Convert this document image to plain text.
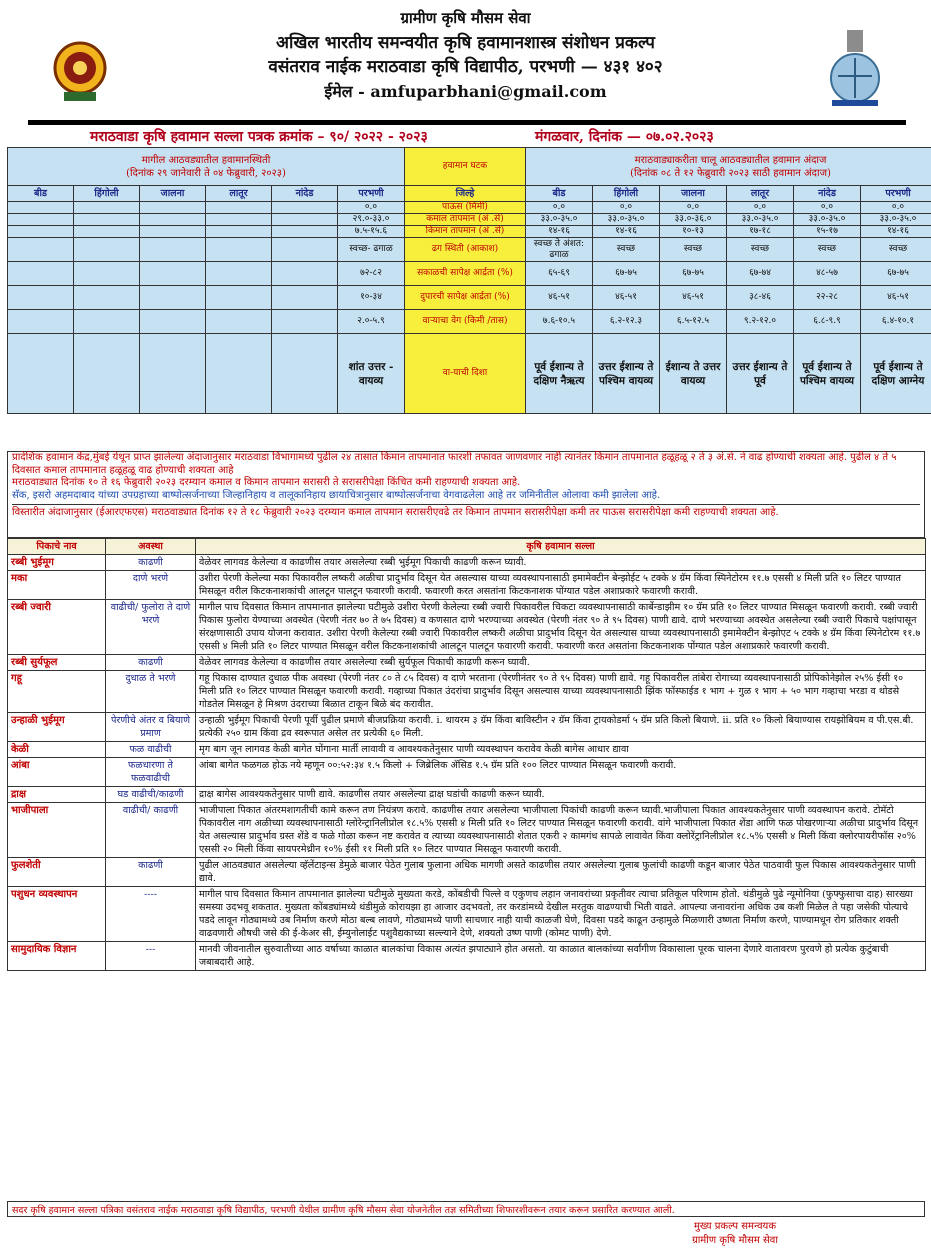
ग्रामीण कृषि मौसम सेवा
अखिल भारतीय समन्वयीत कृषि हवामानशास्त्र संशोधन प्रकल्प
वसंतराव नाईक मराठवाडा कृषि विद्यापीठ, परभणी — ४३१ ४०२
ईमेल - amfuparbhani@gmail.com
मराठवाडा कृषि हवामान सल्ला पत्रक क्रमांक – ९०/ २०२२ - २०२३	मंगळवार, दिनांक — ०७.०२.२०२३
मागील आठवड्यातील हवामानस्थिती
(दिनांक २९ जानेवारी ते ०४ फेब्रुवारी, २०२३)						हवामान घटक	मराठवाड्याकरीता चालू आठवड्यातील हवामान अंदाज
(दिनांक ०८ ते १२ फेब्रुवारी २०२३ साठी हवामान अंदाज)					
बीड	हिंगोली	जालना	लातूर	नांदेड	परभणी	जिल्हे	बीड	हिंगोली	जालना	लातूर	नांदेड	परभणी
					०.०	पाऊस (मिमी)	०.०	०.०	०.०	०.०	०.०	०.०
					२९.०-३३.०	कमाल तापमान (अं .से)	३३.०-३५.०	३३.०-३५.०	३३.०-३६.०	३३.०-३५.०	३३.०-३५.०	३३.०-३५.०
					७.५-१५.६	किमान तापमान (अं .से)	१४-१६	१४-१६	१०-१३	१७-१८	१५-१७	१४-१६
					स्वच्छ- ढगाळ	ढग स्थिती (आकाश)	स्वच्छ ते अंशत: ढगाळ	स्वच्छ	स्वच्छ	स्वच्छ	स्वच्छ	स्वच्छ
					७२-८२	सकाळची सापेक्ष आर्द्रता (%)	६५-६९	६७-७५	६७-७५	६७-७४	४८-५७	६७-७५
					१०-३४	दुपारची सापेक्ष आर्द्रता (%)	४६-५१	४६-५१	४६-५१	३८-४६	२२-२८	४६-५१
					२.०-५.९	वाऱ्याचा वेग (किमी /तास)	७.६-१०.५	६.२-१२.३	६.५-१२.५	९.२-१२.०	६.८-९.९	६.४-१०.१
					शांत उत्तर - वायव्य	वा-याची दिशा	पूर्व ईशान्य ते दक्षिण नैऋत्य	उत्तर ईशान्य ते पश्चिम वायव्य	ईशान्य ते उत्तर वायव्य	उत्तर ईशान्य ते पूर्व	पूर्व ईशान्य ते पश्चिम वायव्य	पूर्व ईशान्य ते दक्षिण आग्नेय

प्रादेशिक हवामान केंद्र,मुंबई येथून प्राप्त झालेल्या अंदाजानुसार मराठवाडा विभागामध्ये पुढील २४ तासात किमान तापमानात फारशी तफावत जाणवणार नाही त्यानंतर किमान तापमानात हळूहळू २ ते ३ अं.से. ने वाढ होण्याची शक्यता आहे. पुढील ४ ते ५ दिवसात कमाल तापमानात हळूहळू वाढ होण्याची शक्यता आहे

मराठवाड्यात दिनांक १० ते १६ फेब्रुवारी २०२३ दरम्यान कमाल व किमान तापमान सरासरी ते सरासरीपेक्षा किंचित कमी राहण्याची शक्यता आहे.

सॅक, इसरो अहमदाबाद यांच्या उपग्रहाच्या बाष्पोत्सर्जनाच्या जिल्हानिहाय व तालूकानिहाय छायाचित्रानुसार बाष्पोत्सर्जनाचा वेगवाढलेला आहे तर जमिनीतील ओलावा कमी झालेला आहे.

विस्तारीत अंदाजानुसार (ईआरएफएस) मराठवाड्यात दिनांक १२ ते १८ फेब्रुवारी २०२३ दरम्यान कमाल तापमान सरासरीएवढे तर किमान तापमान सरासरीपेक्षा कमी तर पाऊस सरासरीपेक्षा कमी राहण्याची शक्यता आहे.

पिकाचे नाव	अवस्था	कृषि हवामान सल्ला
रब्बी भुईमूग	काढणी	वेळेवर लागवड केलेल्या व काढणीस तयार असलेल्या रब्बी भुईमूग पिकाची काढणी करून घ्यावी.
मका	दाणे भरणे	उशीरा पेरणी केलेल्या मका पिकावरील लष्करी अळीचा प्रादुर्भाव दिसून येत असल्यास याच्या व्यवस्थापनासाठी इमामेक्टीन बेन्झोईट ५ टक्के ४ ग्रॅम किंवा स्पिनेटोरम ११.७ एससी ४ मिली प्रति १० लिटर पाण्यात मिसळून वरील किटकनाशकांची आलटून पालटून फवारणी करावी. फवारणी करत असतांना किटकनाशक पोंग्यात पडेल अशाप्रकारे फवारणी करावी.
रब्बी ज्वारी	वाढीची/ फुलोरा ते दाणे भरणे	मागील पाच दिवसात किमान तापमानात झालेल्या घटीमुळे उशीरा पेरणी केलेल्या रब्बी ज्वारी पिकावरील चिकटा व्यवस्थापनासाठी कार्बेन्डाझीम १० ग्रॅम प्रति १० लिटर पाण्यात मिसळून फवारणी करावी. रब्बी ज्वारी पिकास फुलोरा येण्याच्या अवस्थेत (पेरणी नंतर ७० ते ७५ दिवस) व कणसात दाणे भरण्याच्या अवस्थेत (पेरणी नंतर ९० ते ९५ दिवस) पाणी द्यावे. दाणे भरण्याच्या अवस्थेत असलेल्या रब्बी ज्वारी पिकाचे पक्षांपासून संरक्षणासाठी उपाय योजना करावात. उशीरा पेरणी केलेल्या रब्बी ज्वारी पिकावरील लष्करी अळीचा प्रादुर्भाव दिसून येत असल्यास याच्या व्यवस्थापनासाठी इमामेक्टीन बेन्झोएट ५ टक्के ४ ग्रॅम किंवा स्पिनेटोरम ११.७ एससी ४ मिली प्रति १० लिटर पाण्यात मिसळून वरील किटकनाशकांची आलटून पालटून फवारणी करावी. फवारणी करत असतांना किटकनाशक पोंग्यात पडेल अशाप्रकारे फवारणी करावी.
रब्बी सुर्यफूल	काढणी	वेळेवर लागवड केलेल्या व काढणीस तयार असलेल्या रब्बी सुर्यफूल पिकाची काढणी करून घ्यावी.
गहू	दुधाळ ते भरणे	गहू पिकास दाण्यात दुधाळ पीक अवस्था (पेरणी नंतर ८० ते ८५ दिवस) व दाणे भरताना (पेरणीनंतर ९० ते ९५ दिवस) पाणी द्यावे. गहू पिकावरील तांबेरा रोगाच्या व्यवस्थापनासाठी प्रोपिकोनेझोल २५% ईसी १० मिली प्रति १० लिटर पाण्यात मिसळून फवारणी करावी. गव्हाच्या पिकात उंदरांचा प्रादुर्भाव दिसून असल्यास याच्या व्यवस्थापनासाठी झिंक फॉस्फाईड १ भाग + गुळ १ भाग + ५० भाग गव्हाचा भरडा व थोडसे गोडतेल मिसळून हे मिश्रण उंदराच्या बिळात टाकून बिळे बंद करावीत.
उन्हाळी भुईमूग	पेरणीचे अंतर व बियाणे प्रमाण	उन्हाळी भुईमूग पिकाची पेरणी पूर्वी पुढील प्रमाणे बीजप्रक्रिया करावी. i. थायरम ३ ग्रॅम किंवा बाविस्टीन २ ग्रॅम किंवा ट्रायकोडर्मा ५ ग्रॅम प्रति किलो बियाणे. ii. प्रति १० किलो बियाण्यास रायझोबियम व पी.एस.बी. प्रत्येकी २५० ग्राम किंवा द्रव स्वरूपात असेल तर प्रत्येकी ६० मिली.
केळी	फळ वाढीची	मृग बाग जून लागवड केळी बागेत घोंगाना मार्ती लावावी व आवश्यकतेनुसार पाणी व्यवस्थापन करावेव केळी बागेस आधार द्यावा
आंबा	फळधारणा ते फळवाढीची	आंबा बागेत फळगळ होऊ नये म्हणून ००:५२:३४ १.५ किलो + जिब्रेलिक ॲसिड १.५ ग्रॅम प्रति १०० लिटर पाण्यात मिसळून फवारणी करावी.
द्राक्ष	घड वाढीची/काढणी	द्राक्ष बागेस आवश्यकतेनुसार पाणी द्यावे. काढणीस तयार असलेल्या द्राक्ष घडांची काढणी करून घ्यावी.
भाजीपाला	वाढीची/ काढणी	भाजीपाला पिकात अंतरमशागतीची कामे करून तण नियंत्रण करावे. काढणीस तयार असलेल्या भाजीपाला पिकांची काढणी करून घ्यावी.भाजीपाला पिकात आवश्यकतेनुसार पाणी व्यवस्थापन करावे. टोमॅटो पिकावरील नाग अळीच्या व्यवस्थापनासाठी ग्लोरेन्ट्रानिलीप्रोल १८.५% एससी ४ मिली प्रति १० लिटर पाण्यात मिसळून फवारणी करावी. वांगे भाजीपाला पिकात शेंडा आणि फळ पोखरणाऱ्या अळीचा प्रादुर्भाव दिसून येत असल्यास प्रादुर्भाव ग्रस्त शेंडे व फळे गोळा करून नष्ट करावेत व त्याच्या व्यवस्थापनासाठी शेतात एकरी २ कामगंध सापळे लावावेत किंवा क्लोरेंट्रानिलीप्रोल १८.५% एससी ४ मिली किंवा क्लोरपायरीफॉस २०% एससी २० मिली किंवा सायपरमेथ्रीन १०% ईसी ११ मिली प्रति १० लिटर पाण्यात मिसळून फवारणी करावी.
फुलशेती	काढणी	पुढील आठवड्यात असलेल्या व्हॅलेंटाइन्स डेमुळे बाजार पेठेत गुलाब फुलाना अधिक मागणी असते काढणीस तयार असलेल्या गुलाब फुलांची काढणी कडून बाजार पेठेत पाठवावी फुल पिकास आवश्यकतेनुसार पाणी द्यावे.
पशुधन व्यवस्थापन	----	मागील पाच दिवसात किमान तापमानात झालेल्या घटीमुळे मुख्यता करडे, कोंबडीची पिल्ले व एकुणच लहान जनावरांच्या प्रकृतीवर त्याचा प्रतिकूल परिणाम होतो. थंडीमुळे पुढे न्यूमोनिया (फुफ्फुसाचा दाह) सारख्या समस्या उदभवू शकतात. मुख्यता कोंबड्यांमध्ये थंडीमुळे कोरायझा हा आजार उदभवतो, तर करडांमध्ये देखील मरतुक वाढण्याची भिती वाढते. आपल्या जनावरांना अधिक उब कशी मिळेल ते पहा जसेकी पोत्याचे पडदे लावून गोठ्यामध्ये उब निर्माण करणे मोठा बल्ब लावणे, गोठ्यामध्ये पाणी साचणार नाही याची काळजी घेणे, दिवसा पडदे काढून उन्हामुळे मिळणारी उष्णता निर्माण करणे, पाण्यामधून रोग प्रतिकार शक्ती वाढवणारी औषधी जसे की ई-केअर सी, ईम्युनोलाईट पशुवैद्यकाच्या सल्ल्याने देणे, शक्यतो उष्ण पाणी (कोमट पाणी) देणे.
सामुदायिक विज्ञान	---	मानवी जीवनातील सुरुवातीच्या आठ वर्षाच्या काळात बालकांचा विकास अत्यंत झपाट्याने होत असतो. या काळात बालकांच्या सर्वांगीण विकासाला पूरक चालना देणारे वातावरण पुरवणे हो प्रत्येक कुटुंबाची जबाबदारी आहे.
सदर कृषि हवामान सल्ला पत्रिका वसंतराव नाईक मराठवाडा कृषि विद्यापीठ, परभणी येथील ग्रामीण कृषि मौसम सेवा योजनेतील तज्ञ समितीच्या शिफारशीवरून तयार करून प्रसारित करण्यात आली.
मुख्य प्रकल्प समन्वयक
ग्रामीण कृषि मौसम सेवा
